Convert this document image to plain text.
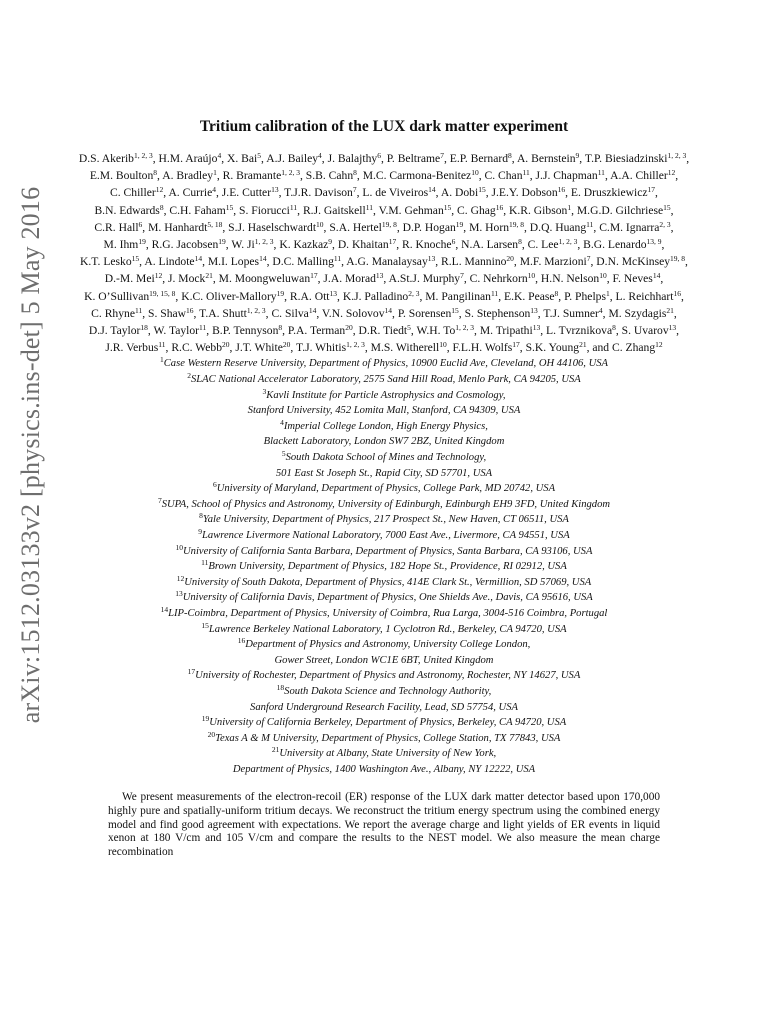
arXiv:1512.03133v2 [physics.ins-det] 5 May 2016
Tritium calibration of the LUX dark matter experiment

D.S. Akerib$^{1, 2, 3}$, H.M. Araújo$^4$, X. Bai$^5$, A.J. Bailey$^4$, J. Balajthy$^6$, P. Beltrame$^7$, E.P. Bernard$^8$, A. Bernstein$^9$, T.P. Biesiadzinski$^{1, 2, 3}$, E.M. Boulton$^8$, A. Bradley$^1$, R. Bramante$^{1, 2, 3}$, S.B. Cahn$^8$, M.C. Carmona-Benitez$^{10}$, C. Chan$^{11}$, J.J. Chapman$^{11}$, A.A. Chiller$^{12}$, C. Chiller$^{12}$, A. Currie$^4$, J.E. Cutter$^{13}$, T.J.R. Davison$^7$, L. de Viveiros$^{14}$, A. Dobi$^{15}$, J.E.Y. Dobson$^{16}$, E. Druszkiewicz$^{17}$, B.N. Edwards$^8$, C.H. Faham$^{15}$, S. Fiorucci$^{11}$, R.J. Gaitskell$^{11}$, V.M. Gehman$^{15}$, C. Ghag$^{16}$, K.R. Gibson$^1$, M.G.D. Gilchriese$^{15}$, C.R. Hall$^6$, M. Hanhardt$^{5, 18}$, S.J. Haselschwardt$^{10}$, S.A. Hertel$^{19, 8}$, D.P. Hogan$^{19}$, M. Horn$^{19, 8}$, D.Q. Huang$^{11}$, C.M. Ignarra$^{2, 3}$, M. Ihm$^{19}$, R.G. Jacobsen$^{19}$, W. Ji$^{1, 2, 3}$, K. Kazkaz$^9$, D. Khaitan$^{17}$, R. Knoche$^6$, N.A. Larsen$^8$, C. Lee$^{1, 2, 3}$, B.G. Lenardo$^{13, 9}$, K.T. Lesko$^{15}$, A. Lindote$^{14}$, M.I. Lopes$^{14}$, D.C. Malling$^{11}$, A.G. Manalaysay$^{13}$, R.L. Mannino$^{20}$, M.F. Marzioni$^7$, D.N. McKinsey$^{19, 8}$, D.-M. Mei$^{12}$, J. Mock$^{21}$, M. Moongweluwan$^{17}$, J.A. Morad$^{13}$, A.St.J. Murphy$^7$, C. Nehrkorn$^{10}$, H.N. Nelson$^{10}$, F. Neves$^{14}$, K. O’Sullivan$^{19, 15, 8}$, K.C. Oliver-Mallory$^{19}$, R.A. Ott$^{13}$, K.J. Palladino$^{2, 3}$, M. Pangilinan$^{11}$, E.K. Pease$^8$, P. Phelps$^1$, L. Reichhart$^{16}$, C. Rhyne$^{11}$, S. Shaw$^{16}$, T.A. Shutt$^{1, 2, 3}$, C. Silva$^{14}$, V.N. Solovov$^{14}$, P. Sorensen$^{15}$, S. Stephenson$^{13}$, T.J. Sumner$^4$, M. Szydagis$^{21}$, D.J. Taylor$^{18}$, W. Taylor$^{11}$, B.P. Tennyson$^8$, P.A. Terman$^{20}$, D.R. Tiedt$^5$, W.H. To$^{1, 2, 3}$, M. Tripathi$^{13}$, L. Tvrznikova$^8$, S. Uvarov$^{13}$, J.R. Verbus$^{11}$, R.C. Webb$^{20}$, J.T. White$^{20}$, T.J. Whitis$^{1, 2, 3}$, M.S. Witherell$^{10}$, F.L.H. Wolfs$^{17}$, S.K. Young$^{21}$, and C. Zhang$^{12}$

$^1$Case Western Reserve University, Department of Physics, 10900 Euclid Ave, Cleveland, OH 44106, USA
$^2$SLAC National Accelerator Laboratory, 2575 Sand Hill Road, Menlo Park, CA 94205, USA
$^3$Kavli Institute for Particle Astrophysics and Cosmology,
Stanford University, 452 Lomita Mall, Stanford, CA 94309, USA
$^4$Imperial College London, High Energy Physics,
Blackett Laboratory, London SW7 2BZ, United Kingdom
$^5$South Dakota School of Mines and Technology,
501 East St Joseph St., Rapid City, SD 57701, USA
$^6$University of Maryland, Department of Physics, College Park, MD 20742, USA
$^7$SUPA, School of Physics and Astronomy, University of Edinburgh, Edinburgh EH9 3FD, United Kingdom
$^8$Yale University, Department of Physics, 217 Prospect St., New Haven, CT 06511, USA
$^9$Lawrence Livermore National Laboratory, 7000 East Ave., Livermore, CA 94551, USA
$^{10}$University of California Santa Barbara, Department of Physics, Santa Barbara, CA 93106, USA
$^{11}$Brown University, Department of Physics, 182 Hope St., Providence, RI 02912, USA
$^{12}$University of South Dakota, Department of Physics, 414E Clark St., Vermillion, SD 57069, USA
$^{13}$University of California Davis, Department of Physics, One Shields Ave., Davis, CA 95616, USA
$^{14}$LIP-Coimbra, Department of Physics, University of Coimbra, Rua Larga, 3004-516 Coimbra, Portugal
$^{15}$Lawrence Berkeley National Laboratory, 1 Cyclotron Rd., Berkeley, CA 94720, USA
$^{16}$Department of Physics and Astronomy, University College London,
Gower Street, London WC1E 6BT, United Kingdom
$^{17}$University of Rochester, Department of Physics and Astronomy, Rochester, NY 14627, USA
$^{18}$South Dakota Science and Technology Authority,
Sanford Underground Research Facility, Lead, SD 57754, USA
$^{19}$University of California Berkeley, Department of Physics, Berkeley, CA 94720, USA
$^{20}$Texas A & M University, Department of Physics, College Station, TX 77843, USA
$^{21}$University at Albany, State University of New York,
Department of Physics, 1400 Washington Ave., Albany, NY 12222, USA

We present measurements of the electron-recoil (ER) response of the LUX dark matter detector based upon 170,000 highly pure and spatially-uniform tritium decays. We reconstruct the tritium energy spectrum using the combined energy model and find good agreement with expectations. We report the average charge and light yields of ER events in liquid xenon at 180 V/cm and 105 V/cm and compare the results to the NEST model. We also measure the mean charge recombination
